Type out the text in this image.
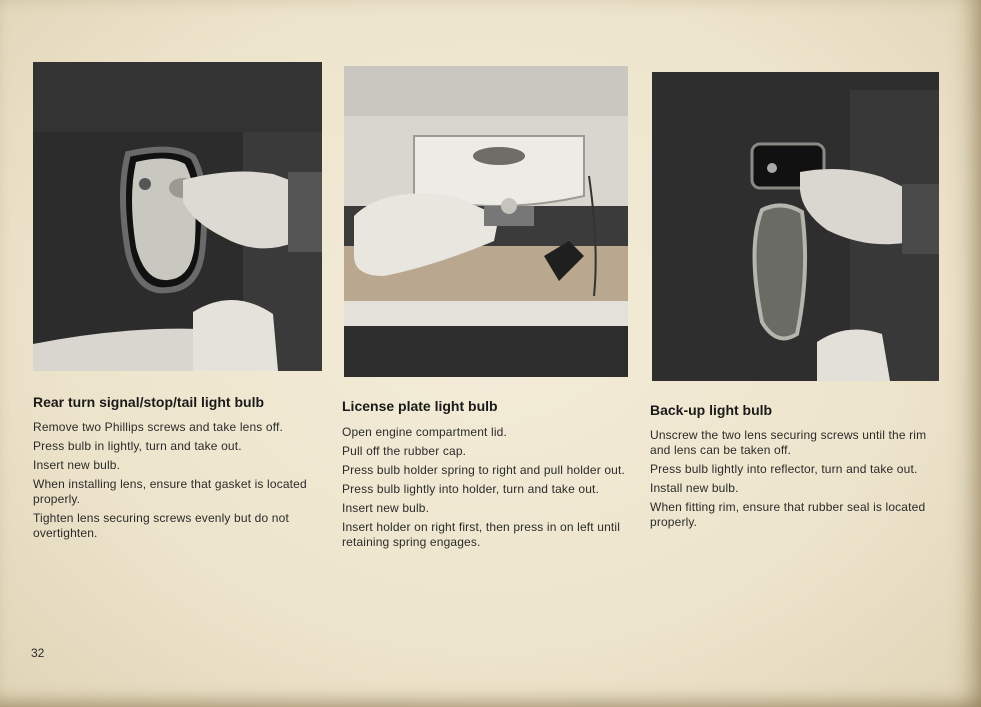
Rear turn signal/stop/tail light bulb
Remove two Phillips screws and take lens off.
Press bulb in lightly, turn and take out.
Insert new bulb.
When installing lens, ensure that gasket is located properly.
Tighten lens securing screws evenly but do not overtighten.
License plate light bulb
Open engine compartment lid.
Pull off the rubber cap.
Press bulb holder spring to right and pull holder out.
Press bulb lightly into holder, turn and take out.
Insert new bulb.
Insert holder on right first, then press in on left until retaining spring engages.
Back-up light bulb
Unscrew the two lens securing screws until the rim and lens can be taken off.
Press bulb lightly into reflector, turn and take out.
Install new bulb.
When fitting rim, ensure that rubber seal is located properly.
32
